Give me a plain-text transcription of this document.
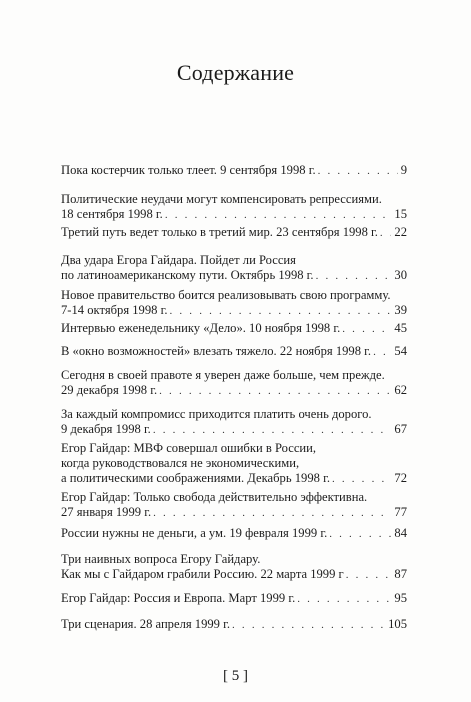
Содержание
Пока костерчик только тлеет. 9 сентября 1998 г. . . .	9
Политические неудачи могут компенсировать репрессиями.
18 сентября 1998 г. . . .	15
Третий путь ведет только в третий мир. 23 сентября 1998 г. . . . 22
Два удара Егора Гайдара. Пойдет ли Россия
по латиноамериканскому пути. Октябрь 1998 г. . . .	30
Новое правительство боится реализовывать свою программу.
7-14 октября 1998 г. . . .	39
Интервью еженедельнику «Дело». 10 ноября 1998 г. . . .	45
В «окно возможностей» влезать тяжело. 22 ноября 1998 г. . . . 54
Сегодня в своей правоте я уверен даже больше, чем прежде.
29 декабря 1998 г. . . .	62
За каждый компромисс приходится платить очень дорого.
9 декабря 1998 г. . . .	67
Егор Гайдар: МВФ совершал ошибки в России,
когда руководствовался не экономическими,
а политическими соображениями. Декабрь 1998 г. . . .	72
Егор Гайдар: Только свобода действительно эффективна.
27 января 1999 г. . . .	77
России нужны не деньги, а ум. 19 февраля 1999 г. . . .	84
Три наивных вопроса Егору Гайдару.
Как мы с Гайдаром грабили Россию. 22 марта 1999 г . . .	87
Егор Гайдар: Россия и Европа. Март 1999 г. . . .	95
Три сценария. 28 апреля 1999 г. . . .	105
[ 5 ]
